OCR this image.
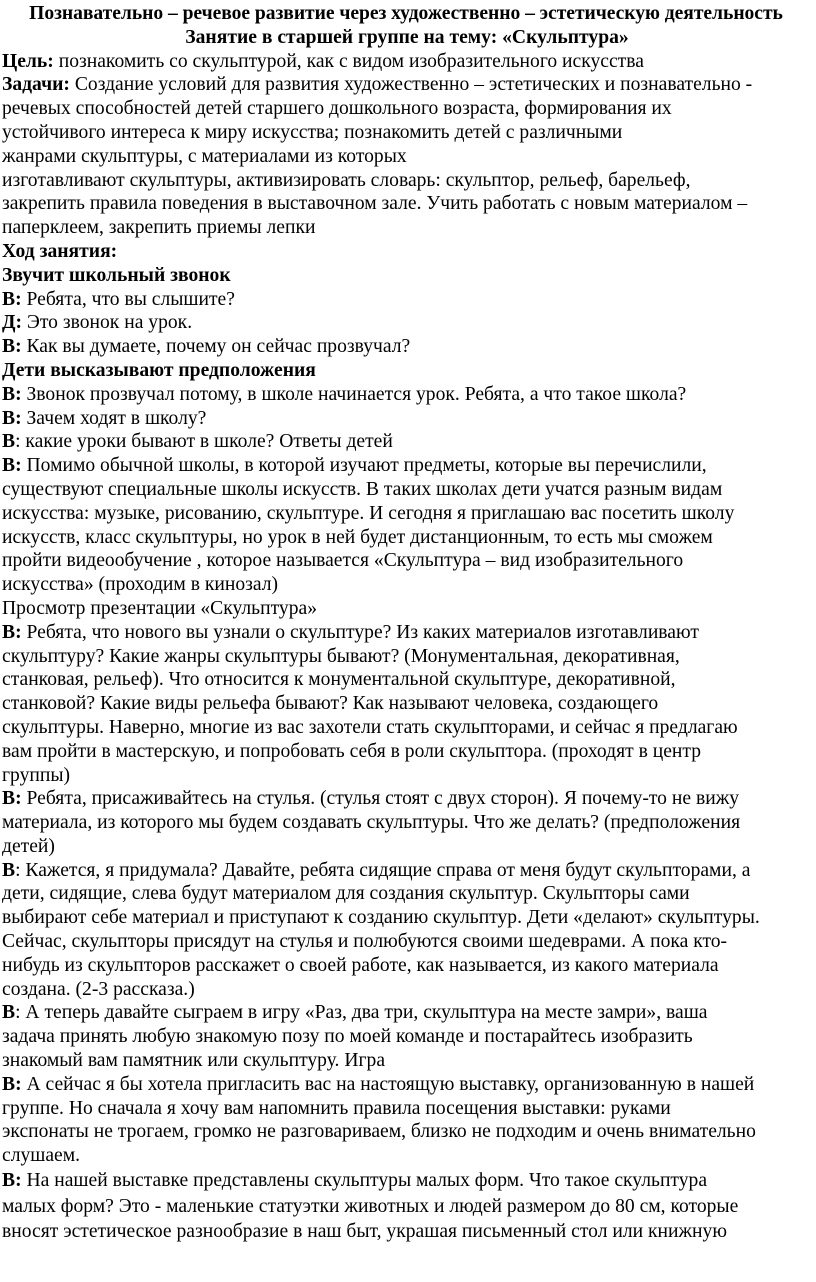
Познавательно – речевое развитие через художественно – эстетическую деятельность

Занятие в старшей группе на тему: «Скульптура»

Цель: познакомить со скульптурой, как с видом изобразительного искусства

Задачи: Создание условий для развития художественно – эстетических и познавательно -

речевых способностей детей старшего дошкольного возраста, формирования их

устойчивого интереса к миру искусства; познакомить детей с различными

жанрами скульптуры, с материалами из которых

изготавливают скульптуры, активизировать словарь: скульптор, рельеф, барельеф,

закрепить правила поведения в выставочном зале. Учить работать с новым материалом –

паперклеем, закрепить приемы лепки

Ход занятия:

Звучит школьный звонок

В: Ребята, что вы слышите?

Д: Это звонок на урок.

В: Как вы думаете, почему он сейчас прозвучал?

Дети высказывают предположения

В: Звонок прозвучал потому, в школе начинается урок. Ребята, а что такое школа?

В: Зачем ходят в школу?

В: какие уроки бывают в школе? Ответы детей

В: Помимо обычной школы, в которой изучают предметы, которые вы перечислили,

существуют специальные школы искусств. В таких школах дети учатся разным видам

искусства: музыке, рисованию, скульптуре. И сегодня я приглашаю вас посетить школу

искусств, класс скульптуры, но урок в ней будет дистанционным, то есть мы сможем

пройти видеообучение , которое называется «Скульптура – вид изобразительного

искусства» (проходим в кинозал)

Просмотр презентации «Скульптура»

В: Ребята, что нового вы узнали о скульптуре? Из каких материалов изготавливают

скульптуру? Какие жанры скульптуры бывают? (Монументальная, декоративная,

станковая, рельеф). Что относится к монументальной скульптуре, декоративной,

станковой? Какие виды рельефа бывают? Как называют человека, создающего

скульптуры. Наверно, многие из вас захотели стать скульпторами, и сейчас я предлагаю

вам пройти в мастерскую, и попробовать себя в роли скульптора. (проходят в центр

группы)

В: Ребята, присаживайтесь на стулья. (стулья стоят с двух сторон). Я почему-то не вижу

материала, из которого мы будем создавать скульптуры. Что же делать? (предположения

детей)

В: Кажется, я придумала? Давайте, ребята сидящие справа от меня будут скульпторами, а

дети, сидящие, слева будут материалом для создания скульптур. Скульпторы сами

выбирают себе материал и приступают к созданию скульптур. Дети «делают» скульптуры.

Сейчас, скульпторы присядут на стулья и полюбуются своими шедеврами. А пока кто-

нибудь из скульпторов расскажет о своей работе, как называется, из какого материала

создана. (2-3 рассказа.)

В: А теперь давайте сыграем в игру «Раз, два три, скульптура на месте замри», ваша

задача принять любую знакомую позу по моей команде и постарайтесь изобразить

знакомый вам памятник или скульптуру. Игра

В: А сейчас я бы хотела пригласить вас на настоящую выставку, организованную в нашей

группе. Но сначала я хочу вам напомнить правила посещения выставки: руками

экспонаты не трогаем, громко не разговариваем, близко не подходим и очень внимательно

слушаем.

В: На нашей выставке представлены скульптуры малых форм. Что такое скульптура

малых форм? Это - маленькие статуэтки животных и людей размером до 80 см, которые

вносят эстетическое разнообразие в наш быт, украшая письменный стол или книжную
